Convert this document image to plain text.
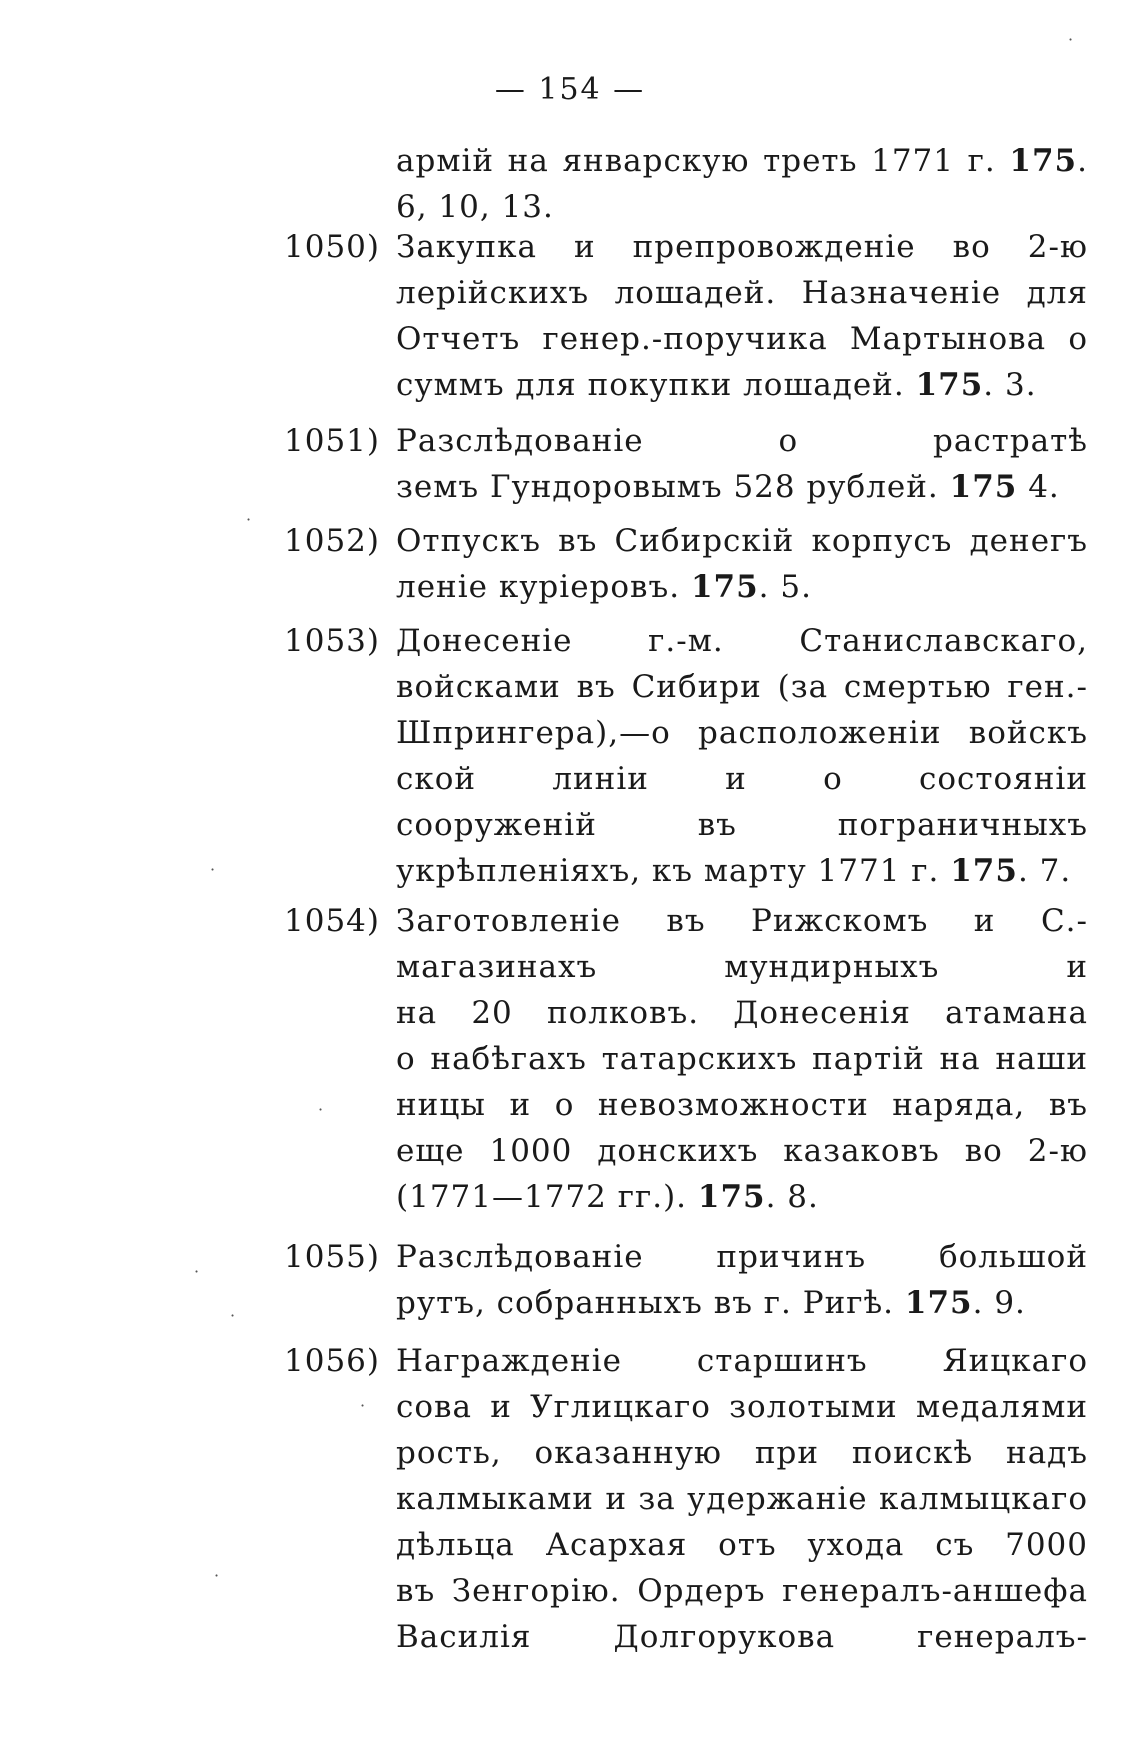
— 154 —
армій на январскую треть 1771 г. 175.
6, 10, 13.
1050) Закупка и препровожденіе во 2-ю
лерійскихъ лошадей. Назначеніе для
Отчетъ генер.-поручика Мартынова о
суммъ для покупки лошадей. 175. 3.
1051) Разслѣдованіе о растратѣ
земъ Гундоровымъ 528 рублей. 175 4.
1052) Отпускъ въ Сибирскій корпусъ денегъ
леніе куріеровъ. 175. 5.
1053) Донесеніе г.-м. Станиславскаго,
войсками въ Сибири (за смертью ген.-
Шпрингера),—о расположеніи войскъ
ской линіи и о состояніи
сооруженій въ пограничныхъ
укрѣпленіяхъ, къ марту 1771 г. 175. 7.
1054) Заготовленіе въ Рижскомъ и С.-
магазинахъ мундирныхъ и
на 20 полковъ. Донесенія атамана
о набѣгахъ татарскихъ партій на наши
ницы и о невозможности наряда, въ
еще 1000 донскихъ казаковъ во 2-ю
(1771—1772 гг.). 175. 8.
1055) Разслѣдованіе причинъ большой
рутъ, собранныхъ въ г. Ригѣ. 175. 9.
1056) Награжденіе старшинъ Яицкаго
сова и Углицкаго золотыми медалями
рость, оказанную при поискѣ надъ
калмыками и за удержаніе калмыцкаго
дѣльца Асархая отъ ухода съ 7000
въ Зенгорію. Ордеръ генералъ-аншефа
Василія Долгорукова генералъ-
·
·
·
·
·
·
·
·
